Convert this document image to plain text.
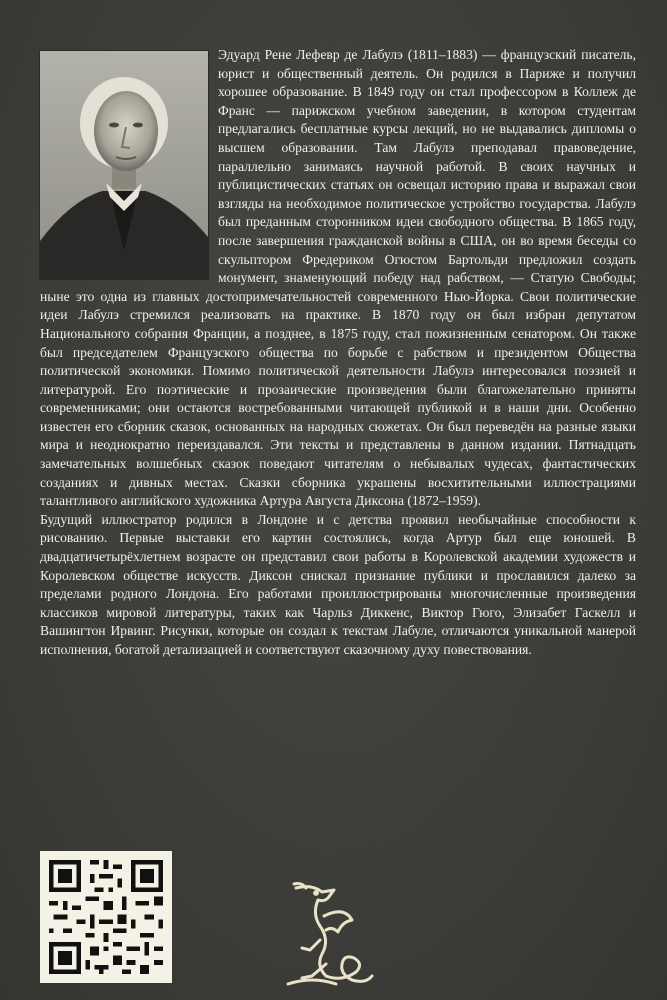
Эдуард Рене Лефевр де Лабулэ (1811–1883) — французский писатель, юрист и общественный деятель. Он родился в Париже и получил хорошее образование. В 1849 году он стал профессором в Коллеж де Франс — парижском учебном заведении, в котором студентам предлагались бесплатные курсы лекций, но не выдавались дипломы о высшем образовании. Там Лабулэ преподавал правоведение, параллельно занимаясь научной работой. В своих научных и публицистических статьях он освещал историю права и выражал свои взгляды на необходимое политическое устройство государства. Лабулэ был преданным сторонником идеи свободного общества. В 1865 году, после завершения гражданской войны в США, он во время беседы со скульптором Фредериком Огюстом Бартольди предложил создать монумент, знаменующий победу над рабством, — Статую Свободы; ныне это одна из главных достопримечательностей современного Нью-Йорка. Свои политические идеи Лабулэ стремился реализовать на практике. В 1870 году он был избран депутатом Национального собрания Франции, а позднее, в 1875 году, стал пожизненным сенатором. Он также был председателем Французского общества по борьбе с рабством и президентом Общества политической экономики. Помимо политической деятельности Лабулэ интересовался поэзией и литературой. Его поэтические и прозаические произведения были благожелательно приняты современниками; они остаются востребованными читающей публикой и в наши дни. Особенно известен его сборник сказок, основанных на народных сюжетах. Он был переведён на разные языки мира и неоднократно переиздавался. Эти тексты и представлены в данном издании. Пятнадцать замечательных волшебных сказок поведают читателям о небывалых чудесах, фантастических созданиях и дивных местах. Сказки сборника украшены восхитительными иллюстрациями талантливого английского художника Артура Августа Диксона (1872–1959).

Будущий иллюстратор родился в Лондоне и с детства проявил необычайные способности к рисованию. Первые выставки его картин состоялись, когда Артур был еще юношей. В двадцатичетырёхлетнем возрасте он представил свои работы в Королевской академии художеств и Королевском обществе искусств. Диксон снискал признание публики и прославился далеко за пределами родного Лондона. Его работами проиллюстрированы многочисленные произведения классиков мировой литературы, таких как Чарльз Диккенс, Виктор Гюго, Элизабет Гаскелл и Вашингтон Ирвинг. Рисунки, которые он создал к текстам Лабуле, отличаются уникальной манерой исполнения, богатой детализацией и соответствуют сказочному духу повествования.
